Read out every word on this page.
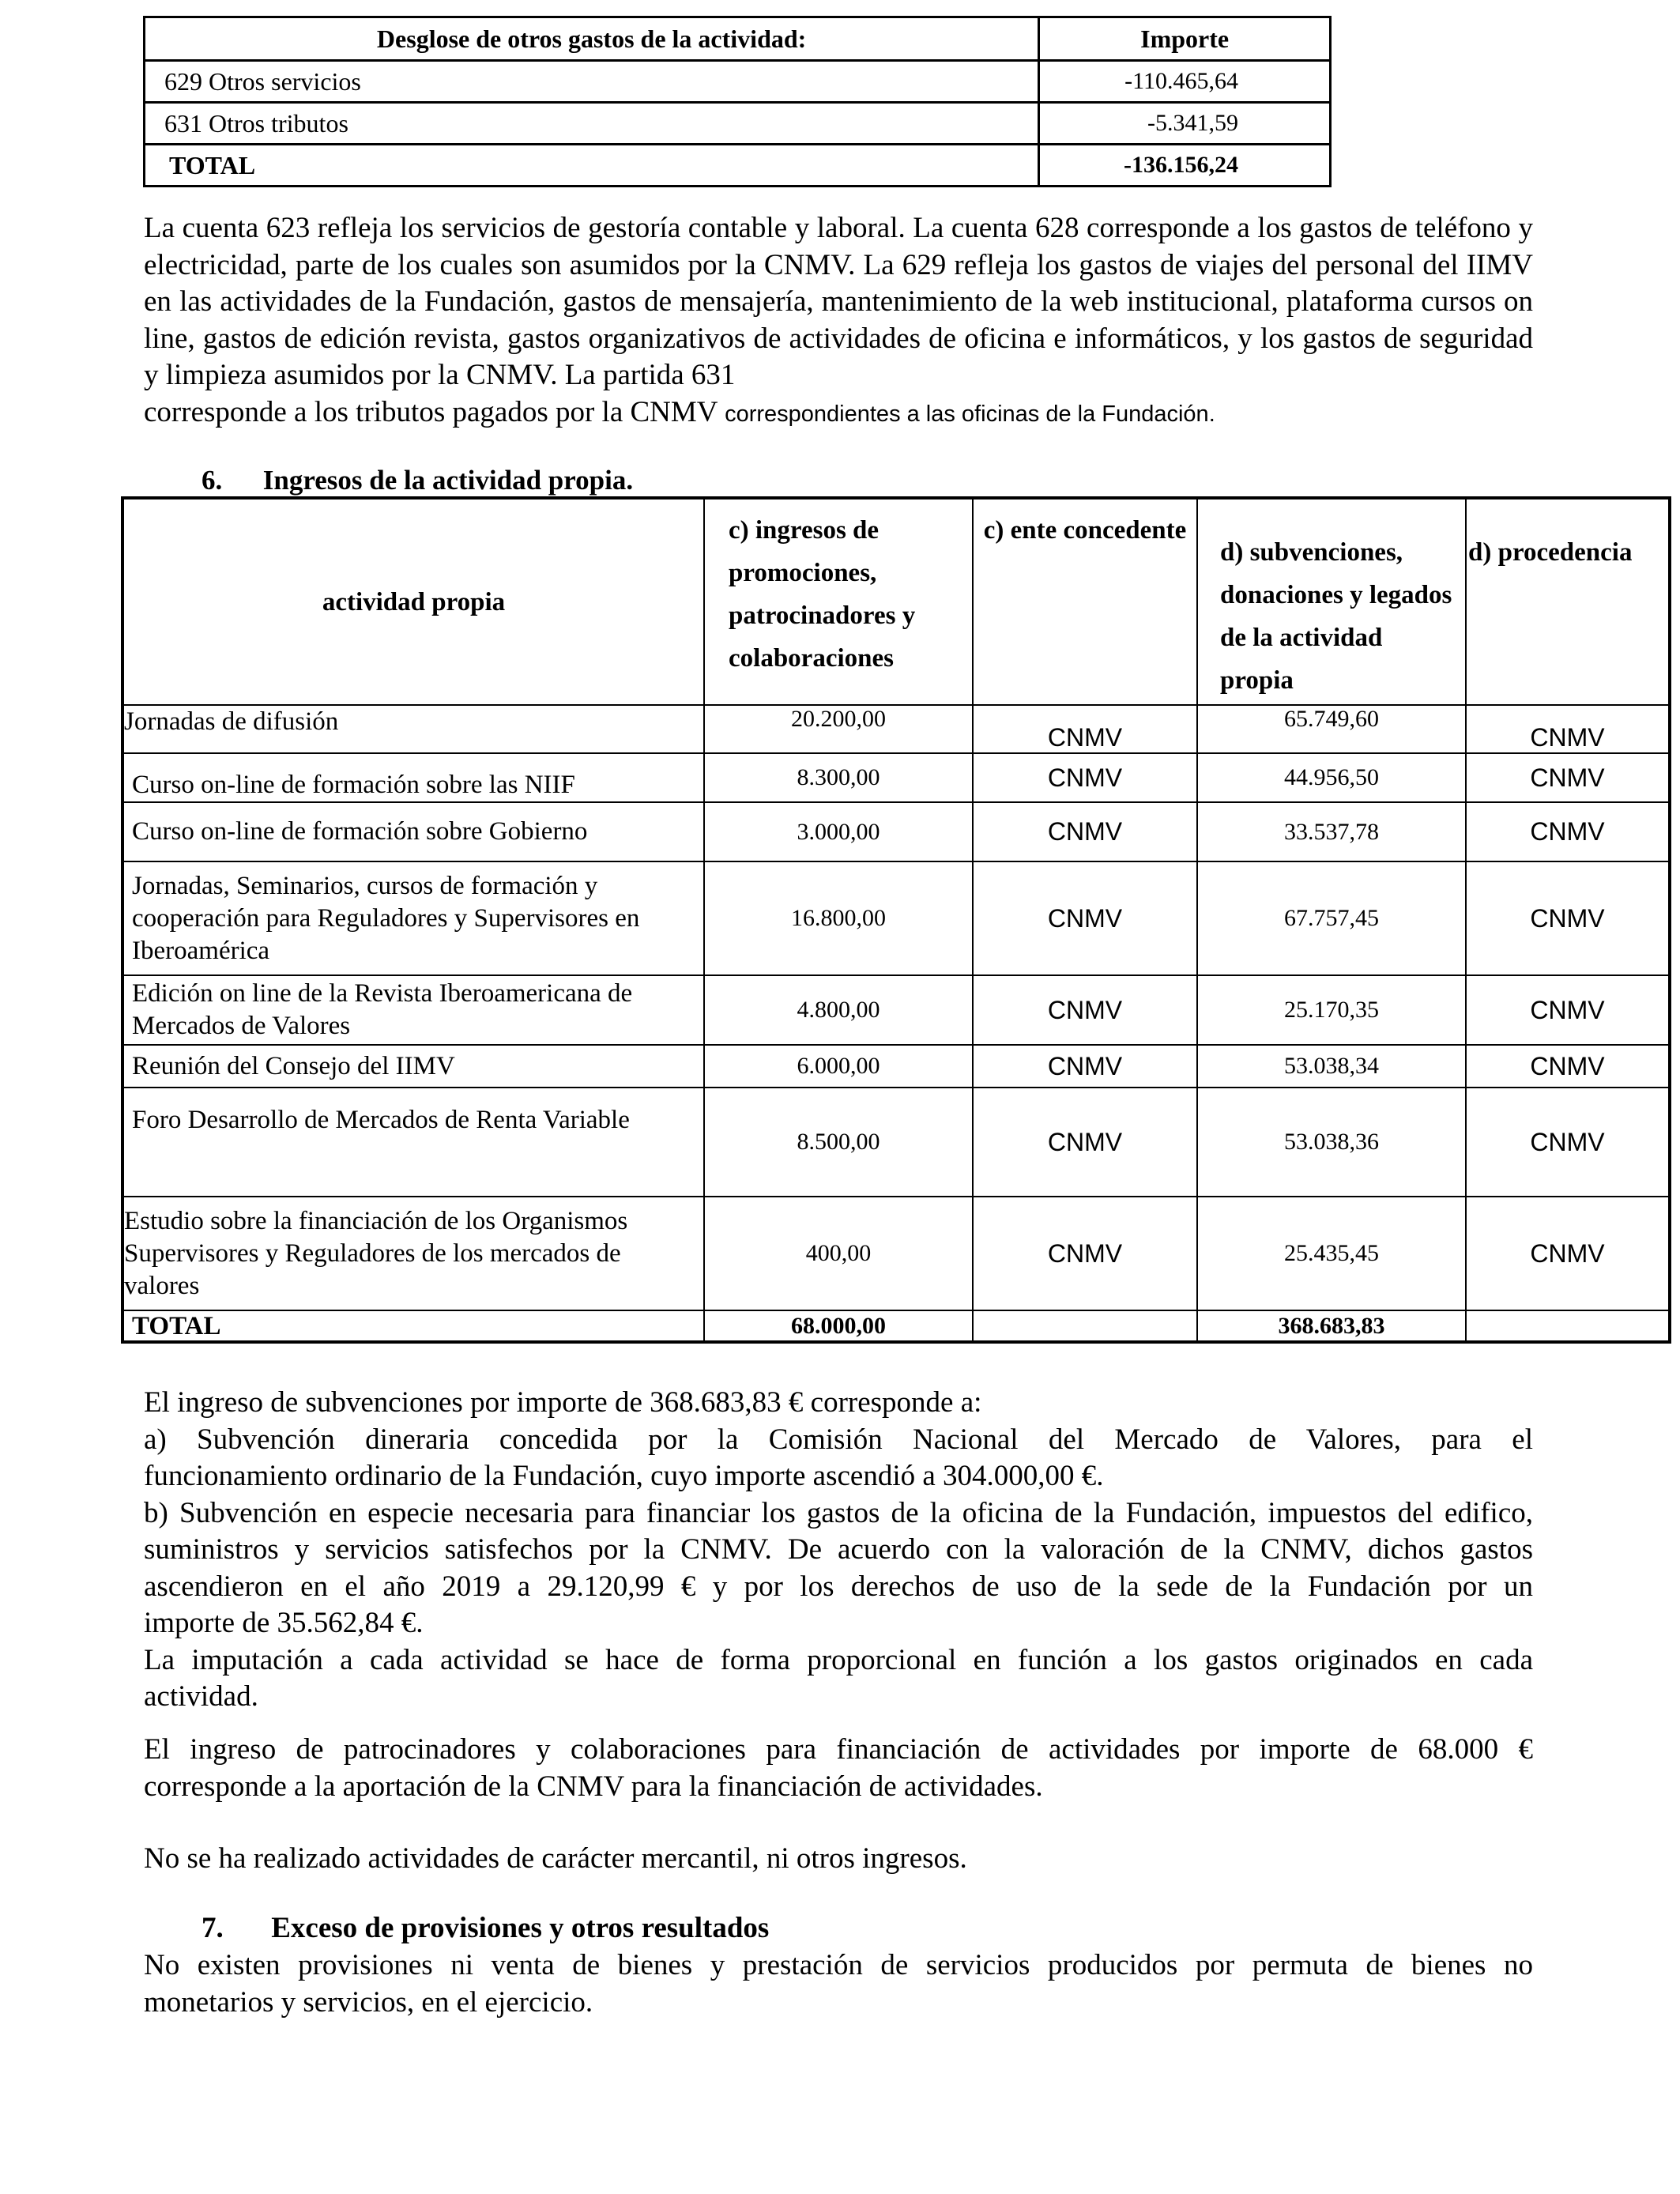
Desglose de otros gastos de la actividad:	Importe
629 Otros servicios	-110.465,64
631 Otros tributos	-5.341,59
TOTAL	-136.156,24
La cuenta 623 refleja los servicios de gestoría contable y laboral. La cuenta 628 corresponde a los gastos de teléfono y electricidad, parte de los cuales son asumidos por la CNMV. La 629 refleja los gastos de viajes del personal del IIMV en las actividades de la Fundación, gastos de mensajería, mantenimiento de la web institucional, plataforma cursos on line, gastos de edición revista, gastos organizativos de actividades de oficina e informáticos, y los gastos de seguridad y limpieza asumidos por la CNMV. La partida 631
corresponde a los tributos pagados por la CNMV correspondientes a las oficinas de la Fundación.
6. Ingresos de la actividad propia.
actividad propia	c) ingresos de promociones, patrocinadores y colaboraciones	c) ente concedente	d) subvenciones, donaciones y legados de la actividad propia	d) procedencia
Jornadas de difusión	20.200,00	CNMV	65.749,60	CNMV
Curso on-line de formación sobre las NIIF	8.300,00	CNMV	44.956,50	CNMV
Curso on-line de formación sobre Gobierno	3.000,00	CNMV	33.537,78	CNMV
Jornadas, Seminarios, cursos de formación y cooperación para Reguladores y Supervisores en Iberoamérica	16.800,00	CNMV	67.757,45	CNMV
Edición on line de la Revista Iberoamericana de Mercados de Valores	4.800,00	CNMV	25.170,35	CNMV
Reunión del Consejo del IIMV	6.000,00	CNMV	53.038,34	CNMV
Foro Desarrollo de Mercados de Renta Variable	8.500,00	CNMV	53.038,36	CNMV
Estudio sobre la financiación de los Organismos Supervisores y Reguladores de los mercados de valores	400,00	CNMV	25.435,45	CNMV
TOTAL	68.000,00		368.683,83	
El ingreso de subvenciones por importe de 368.683,83 € corresponde a:
a) Subvención dineraria concedida por la Comisión Nacional del Mercado de Valores, para el
funcionamiento ordinario de la Fundación, cuyo importe ascendió a 304.000,00 €.
b) Subvención en especie necesaria para financiar los gastos de la oficina de la Fundación, impuestos del edifico, suministros y servicios satisfechos por la CNMV. De acuerdo con la valoración de la CNMV, dichos gastos ascendieron en el año 2019 a 29.120,99 € y por los derechos de uso de la sede de la Fundación por un
importe de 35.562,84 €.
La imputación a cada actividad se hace de forma proporcional en función a los gastos originados en cada
actividad.
El ingreso de patrocinadores y colaboraciones para financiación de actividades por importe de 68.000 €
corresponde a la aportación de la CNMV para la financiación de actividades.
No se ha realizado actividades de carácter mercantil, ni otros ingresos.
7. Exceso de provisiones y otros resultados
No existen provisiones ni venta de bienes y prestación de servicios producidos por permuta de bienes no
monetarios y servicios, en el ejercicio.
